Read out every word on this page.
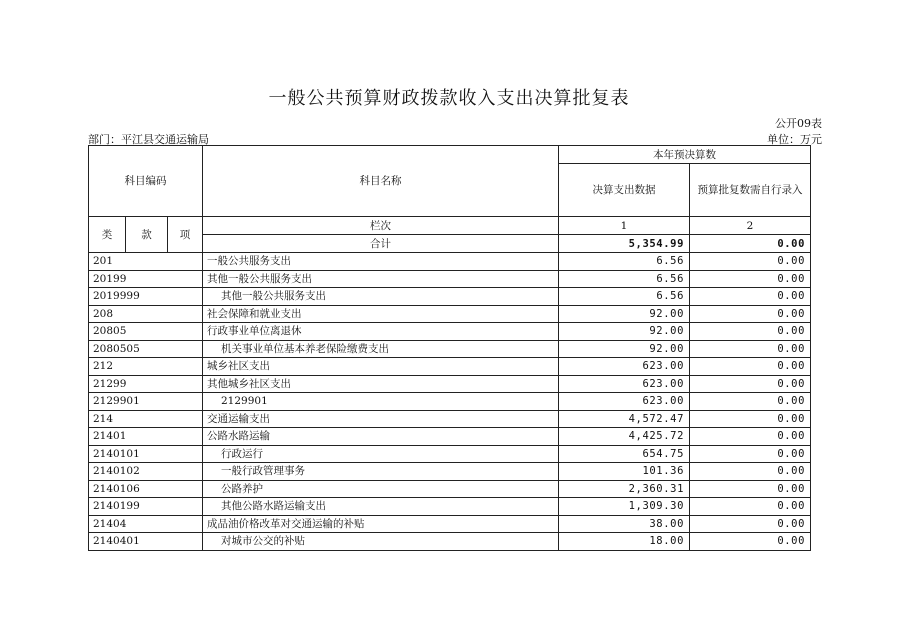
一般公共预算财政拨款收入支出决算批复表
公开09表
部门：平江县交通运输局	单位：万元
科目编码			科目名称	本年预决算数	
				决算支出数据	预算批复数需自行录入
类	款	项	栏次	1	2
			合计	5,354.99	0.00
201			一般公共服务支出	6.56	0.00
20199			其他一般公共服务支出	6.56	0.00
2019999			其他一般公共服务支出	6.56	0.00
208			社会保障和就业支出	92.00	0.00
20805			行政事业单位离退休	92.00	0.00
2080505			机关事业单位基本养老保险缴费支出	92.00	0.00
212			城乡社区支出	623.00	0.00
21299			其他城乡社区支出	623.00	0.00
2129901			2129901	623.00	0.00
214			交通运输支出	4,572.47	0.00
21401			公路水路运输	4,425.72	0.00
2140101			行政运行	654.75	0.00
2140102			一般行政管理事务	101.36	0.00
2140106			公路养护	2,360.31	0.00
2140199			其他公路水路运输支出	1,309.30	0.00
21404			成品油价格改革对交通运输的补贴	38.00	0.00
2140401			对城市公交的补贴	18.00	0.00
